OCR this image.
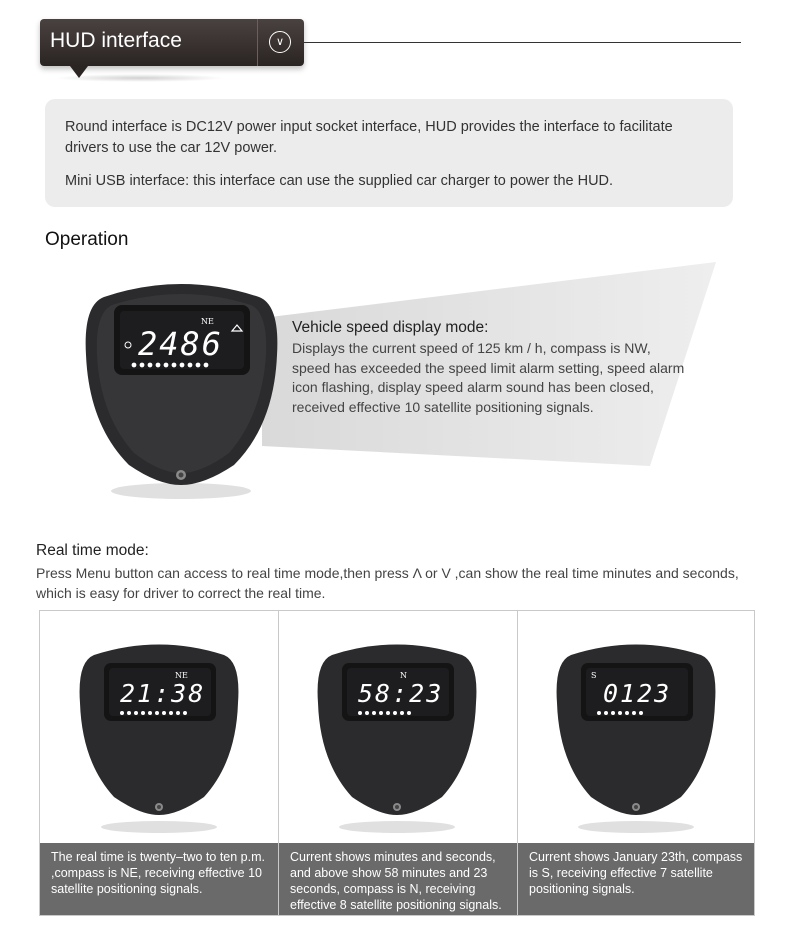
HUD interface	∨

Round interface is DC12V power input socket interface, HUD provides the interface to facilitate drivers to use the car 12V power.

Mini USB interface: this interface can use the supplied car charger to power the HUD.

Operation
NE
2486	Vehicle speed display mode:

Displays the current speed of 125 km / h, compass is NW, speed has exceeded the speed limit alarm setting, speed alarm icon flashing, display speed alarm sound has been closed, received effective 10 satellite positioning signals.

Real time mode:

Press Menu button can access to real time mode,then press Λ or V ,can show the real time minutes and seconds, which is easy for driver to correct the real time.

NE
21:38

The real time is twenty–two to ten p.m. ,compass is NE, receiving effective 10 satellite positioning signals.

N
58:23

Current shows minutes and seconds, and above show 58 minutes and 23 seconds, compass is N, receiving effective 8 satellite positioning signals.

S
0123

Current shows January 23th, compass is S, receiving effective 7 satellite positioning signals.
